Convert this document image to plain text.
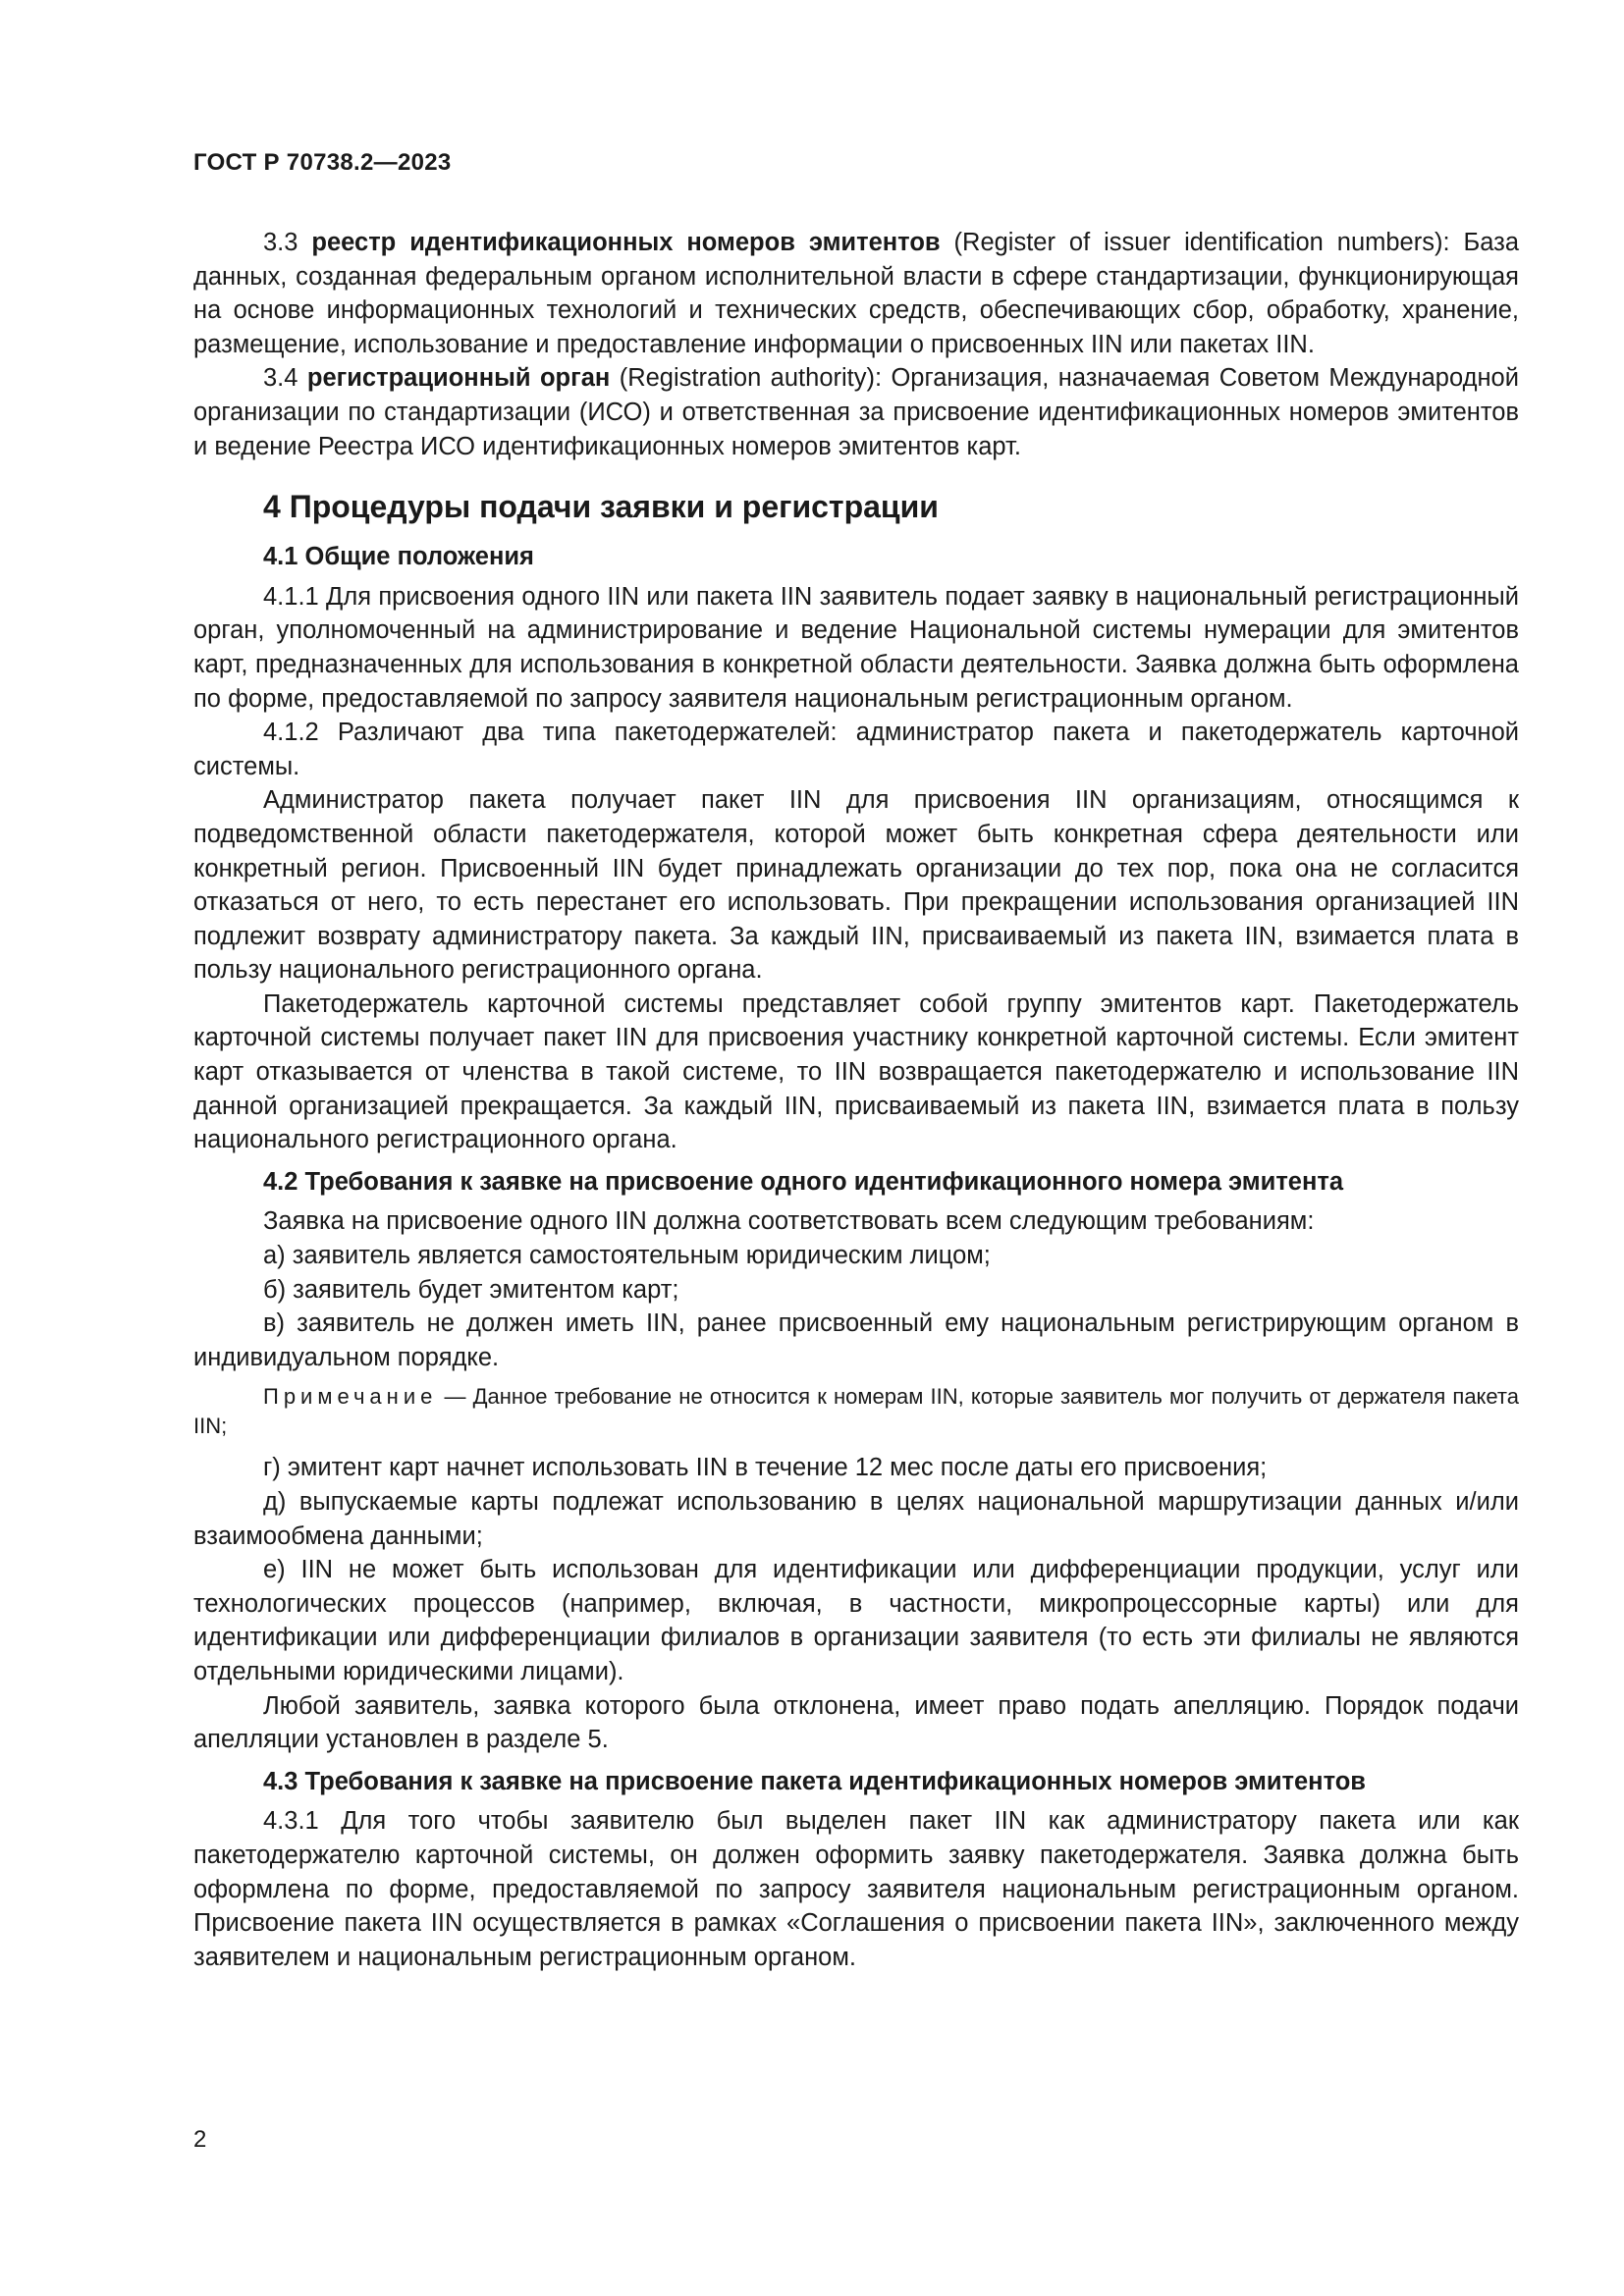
ГОСТ Р 70738.2—2023

3.3 реестр идентификационных номеров эмитентов (Register of issuer identification numbers): База данных, созданная федеральным органом исполнительной власти в сфере стандартизации, функционирующая на основе информационных технологий и технических средств, обеспечивающих сбор, обработку, хранение, размещение, использование и предоставление информации о присвоенных IIN или пакетах IIN.

3.4 регистрационный орган (Registration authority): Организация, назначаемая Советом Международной организации по стандартизации (ИСО) и ответственная за присвоение идентификационных номеров эмитентов и ведение Реестра ИСО идентификационных номеров эмитентов карт.

4 Процедуры подачи заявки и регистрации
4.1 Общие положения

4.1.1 Для присвоения одного IIN или пакета IIN заявитель подает заявку в национальный регистрационный орган, уполномоченный на администрирование и ведение Национальной системы нумерации для эмитентов карт, предназначенных для использования в конкретной области деятельности. Заявка должна быть оформлена по форме, предоставляемой по запросу заявителя национальным регистрационным органом.

4.1.2 Различают два типа пакетодержателей: администратор пакета и пакетодержатель карточной системы.

Администратор пакета получает пакет IIN для присвоения IIN организациям, относящимся к подведомственной области пакетодержателя, которой может быть конкретная сфера деятельности или конкретный регион. Присвоенный IIN будет принадлежать организации до тех пор, пока она не согласится отказаться от него, то есть перестанет его использовать. При прекращении использования организацией IIN подлежит возврату администратору пакета. За каждый IIN, присваиваемый из пакета IIN, взимается плата в пользу национального регистрационного органа.

Пакетодержатель карточной системы представляет собой группу эмитентов карт. Пакетодержатель карточной системы получает пакет IIN для присвоения участнику конкретной карточной системы. Если эмитент карт отказывается от членства в такой системе, то IIN возвращается пакетодержателю и использование IIN данной организацией прекращается. За каждый IIN, присваиваемый из пакета IIN, взимается плата в пользу национального регистрационного органа.

4.2 Требования к заявке на присвоение одного идентификационного номера эмитента

Заявка на присвоение одного IIN должна соответствовать всем следующим требованиям:

а) заявитель является самостоятельным юридическим лицом;

б) заявитель будет эмитентом карт;

в) заявитель не должен иметь IIN, ранее присвоенный ему национальным регистрирующим органом в индивидуальном порядке.

Примечание — Данное требование не относится к номерам IIN, которые заявитель мог получить от держателя пакета IIN;

г) эмитент карт начнет использовать IIN в течение 12 мес после даты его присвоения;

д) выпускаемые карты подлежат использованию в целях национальной маршрутизации данных и/или взаимообмена данными;

е) IIN не может быть использован для идентификации или дифференциации продукции, услуг или технологических процессов (например, включая, в частности, микропроцессорные карты) или для идентификации или дифференциации филиалов в организации заявителя (то есть эти филиалы не являются отдельными юридическими лицами).

Любой заявитель, заявка которого была отклонена, имеет право подать апелляцию. Порядок подачи апелляции установлен в разделе 5.

4.3 Требования к заявке на присвоение пакета идентификационных номеров эмитентов

4.3.1 Для того чтобы заявителю был выделен пакет IIN как администратору пакета или как пакетодержателю карточной системы, он должен оформить заявку пакетодержателя. Заявка должна быть оформлена по форме, предоставляемой по запросу заявителя национальным регистрационным органом. Присвоение пакета IIN осуществляется в рамках «Соглашения о присвоении пакета IIN», заключенного между заявителем и национальным регистрационным органом.

2
